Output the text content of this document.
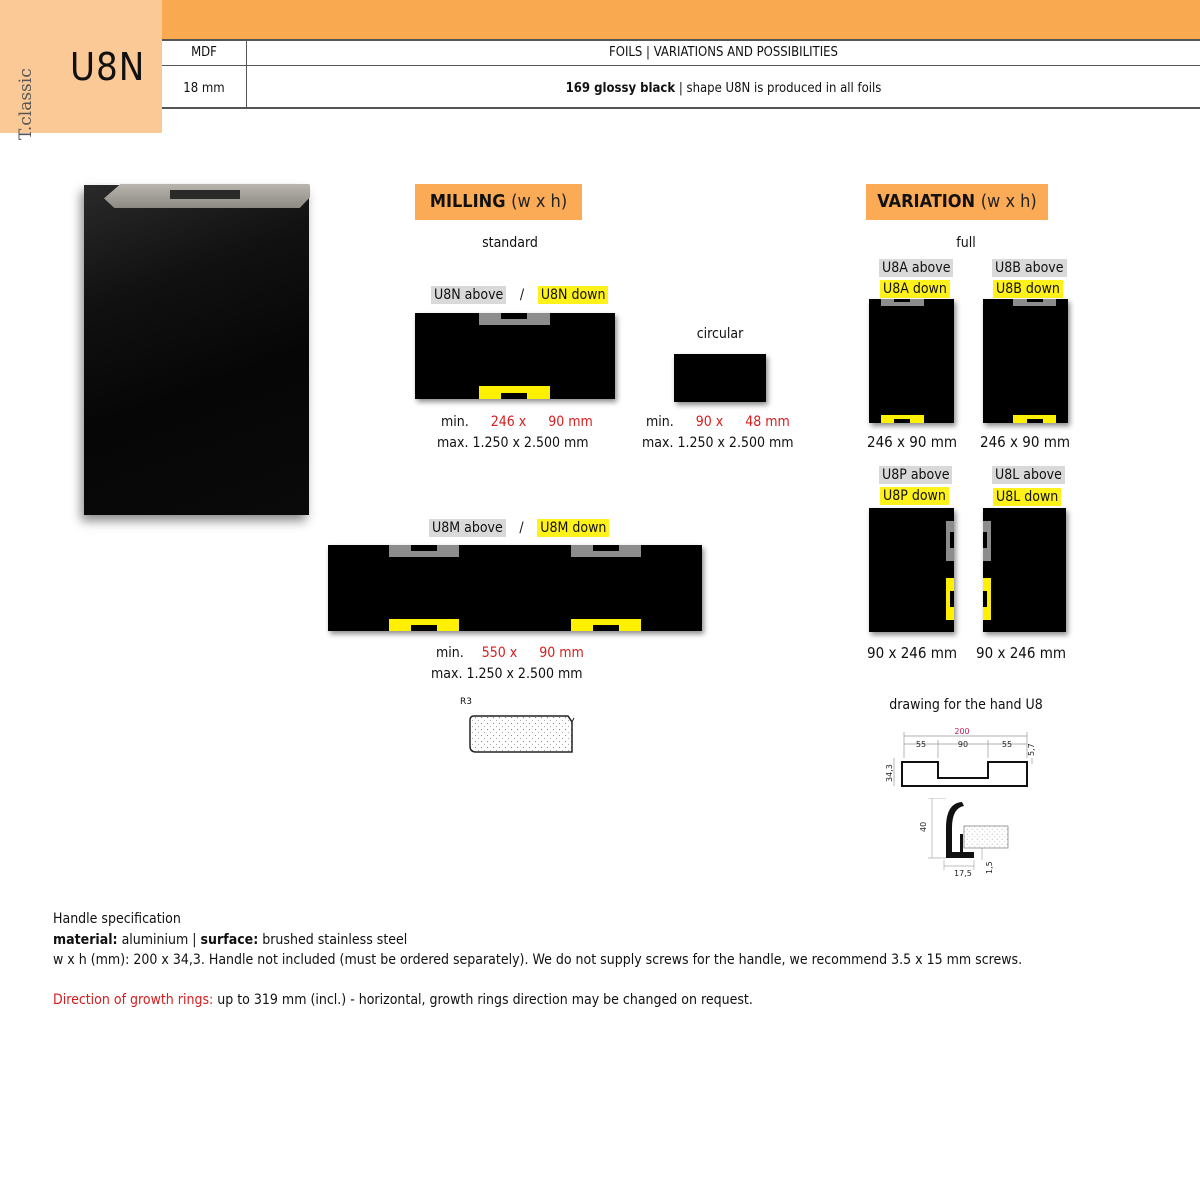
T.classic
U8N	MDF	FOILS | VARIATIONS AND POSSIBILITIES
18 mm	169 glossy black | shape U8N is produced in all foils
MILLING (w x h)
standard
U8N above / U8N down
min. 246 x 90 mm
max. 1.250 x 2.500 mm
circular
min. 90 x 48 mm
max. 1.250 x 2.500 mm
U8M above / U8M down
min. 550 x 90 mm
max. 1.250 x 2.500 mm
R3
VARIATION (w x h)
full
U8A above
U8A down
246 x 90 mm
U8B above
U8B down
246 x 90 mm
U8P above
U8P down
90 x 246 mm
U8L above
U8L down
90 x 246 mm
drawing for the hand U8
200
55	90	55 5,7
34,3
40
17,5 1,5
Handle specification
material: aluminium | surface: brushed stainless steel
w x h (mm): 200 x 34,3. Handle not included (must be ordered separately). We do not supply screws for the handle, we recommend 3.5 x 15 mm screws.
Direction of growth rings: up to 319 mm (incl.) - horizontal, growth rings direction may be changed on request.
